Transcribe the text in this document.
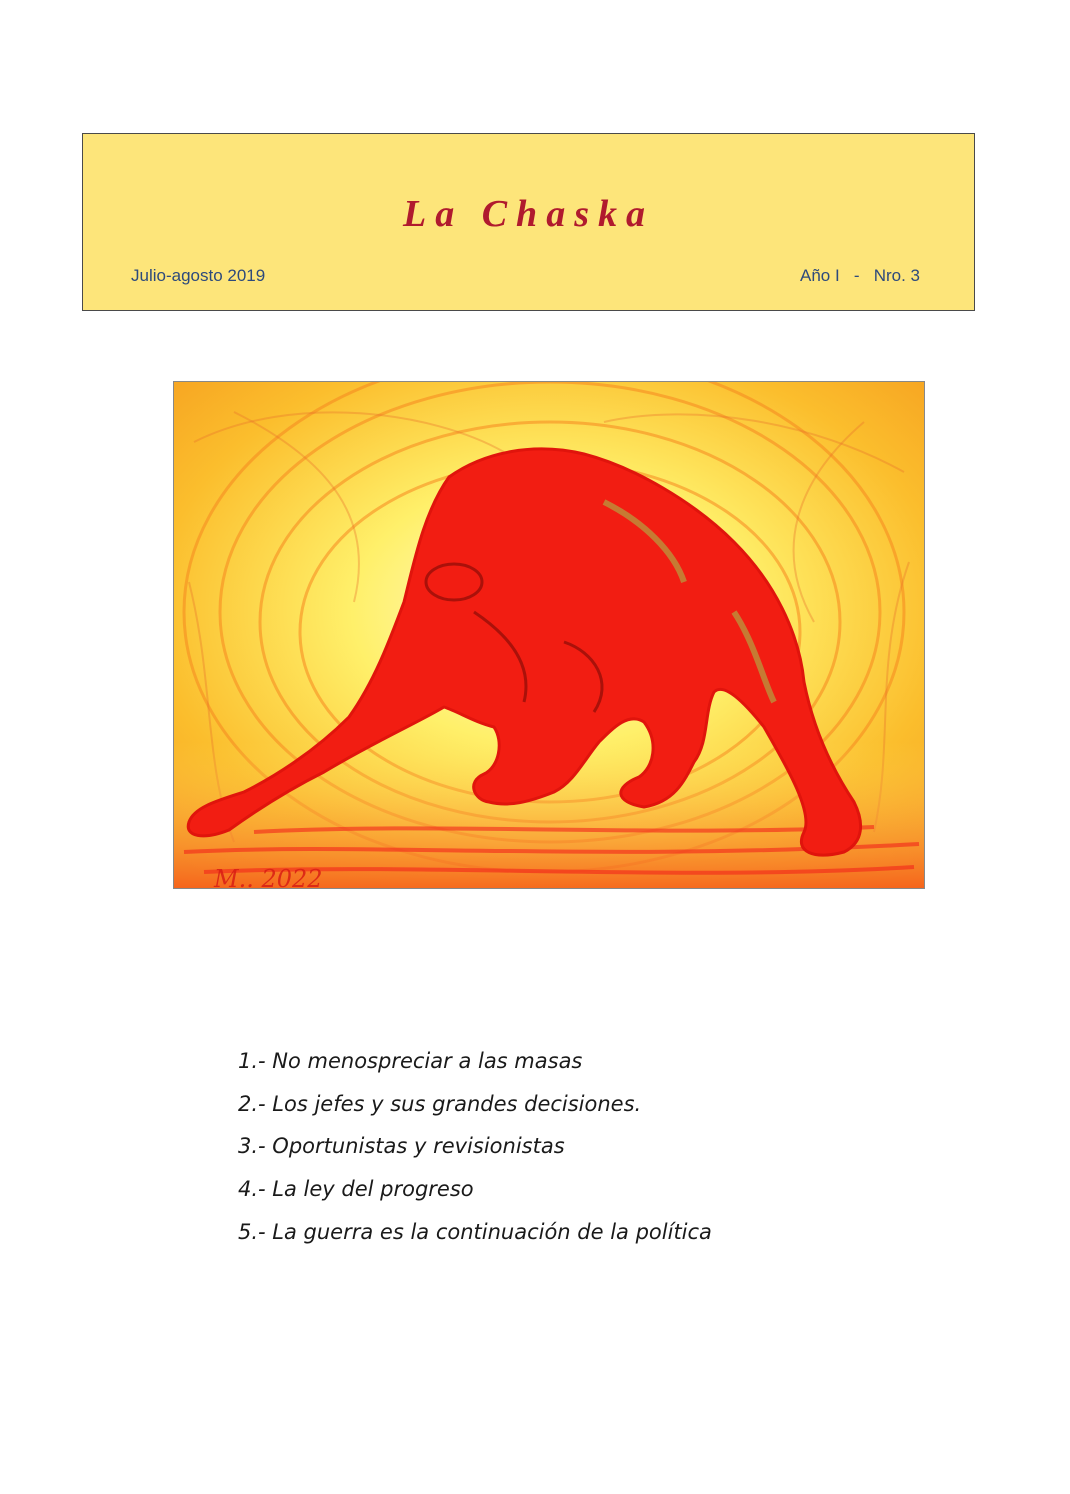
La Chaska
Julio-agosto 2019	Año I   -   Nro. 3
M.. 2022
1.- No menospreciar a las masas
2.- Los jefes y sus grandes decisiones.
3.- Oportunistas y revisionistas
4.- La ley del progreso
5.- La guerra es la continuación de la política
